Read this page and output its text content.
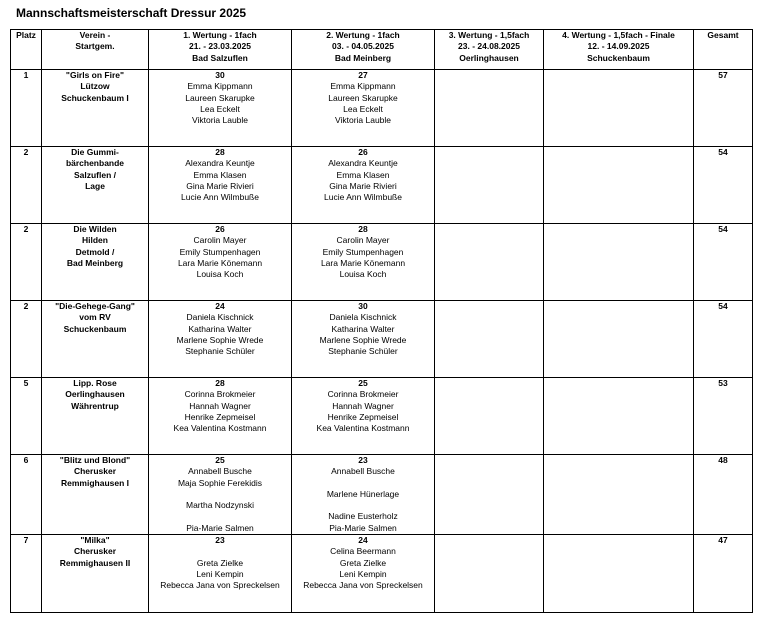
Mannschaftsmeisterschaft Dressur 2025
Platz	Verein -
Startgem.	1. Wertung - 1fach
21. - 23.03.2025
Bad Salzuflen	2. Wertung - 1fach
03. - 04.05.2025
Bad Meinberg	3. Wertung - 1,5fach
23. - 24.08.2025
Oerlinghausen	4. Wertung - 1,5fach - Finale
12. - 14.09.2025
Schuckenbaum	Gesamt
1	"Girls on Fire"
Lützow
Schuckenbaum I	30
Emma Kippmann
Laureen Skarupke
Lea Eckelt
Viktoria Lauble	27
Emma Kippmann
Laureen Skarupke
Lea Eckelt
Viktoria Lauble			57
2	Die Gummi-
bärchenbande
Salzuflen /
Lage	28
Alexandra Keuntje
Emma Klasen
Gina Marie Rivieri
Lucie Ann Wilmbuße	26
Alexandra Keuntje
Emma Klasen
Gina Marie Rivieri
Lucie Ann Wilmbuße			54
2	Die Wilden
Hilden
Detmold /
Bad Meinberg	26
Carolin Mayer
Emily Stumpenhagen
Lara Marie Könemann
Louisa Koch	28
Carolin Mayer
Emily Stumpenhagen
Lara Marie Könemann
Louisa Koch			54
2	"Die-Gehege-Gang"
vom RV
Schuckenbaum	24
Daniela Kischnick
Katharina Walter
Marlene Sophie Wrede
Stephanie Schüler	30
Daniela Kischnick
Katharina Walter
Marlene Sophie Wrede
Stephanie Schüler			54
5	Lipp. Rose
Oerlinghausen
Währentrup	28
Corinna Brokmeier
Hannah Wagner
Henrike Zepmeisel
Kea Valentina Kostmann	25
Corinna Brokmeier
Hannah Wagner
Henrike Zepmeisel
Kea Valentina Kostmann			53
6	"Blitz und Blond"
Cherusker
Remmighausen I	25
Annabell Busche
Maja Sophie Ferekidis
Martha Nodzynski
Pia-Marie Salmen	23
Annabell Busche
Marlene Hünerlage
Nadine Eusterholz
Pia-Marie Salmen			48
7	"Milka"
Cherusker
Remmighausen II	23
Greta Zielke
Leni Kempin
Rebecca Jana von Spreckelsen	24
Celina Beermann
Greta Zielke
Leni Kempin
Rebecca Jana von Spreckelsen			47
